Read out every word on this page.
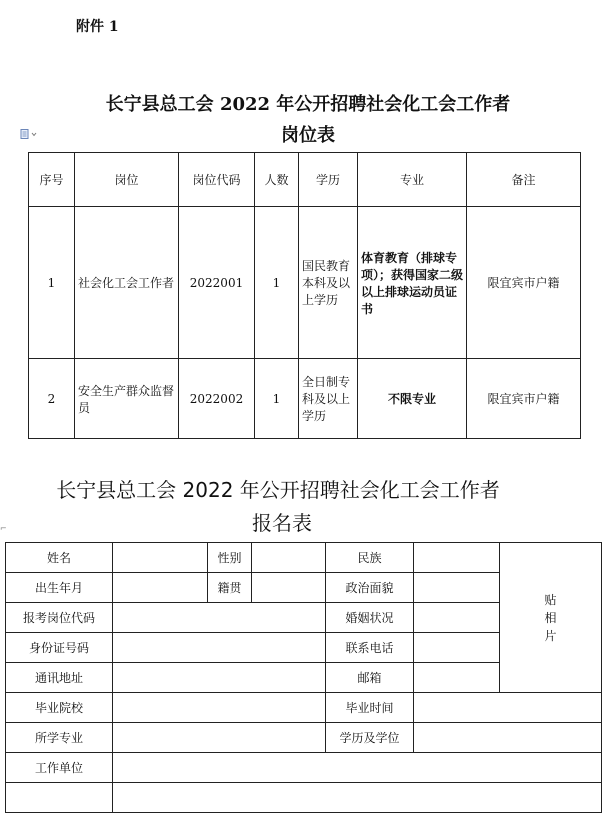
附件 1
长宁县总工会 2022 年公开招聘社会化工会工作者
岗位表
序号	岗位	岗位代码	人数	学历	专业	备注
1	社会化工会工作者	2022001	1	国民教育本科及以上学历	体育教育（排球专项）；获得国家二级以上排球运动员证书	限宜宾市户籍
2	安全生产群众监督员	2022002	1	全日制专科及以上学历	不限专业	限宜宾市户籍
长宁县总工会 2022 年公开招聘社会化工会工作者
报名表
⌐
姓名		性别		民族		贴
相
片

出生年月		籍贯		政治面貌		
报考岗位代码				婚姻状况		
身份证号码				联系电话		
通讯地址				邮箱		
毕业院校				毕业时间		
所学专业				学历及学位		
工作单位						
